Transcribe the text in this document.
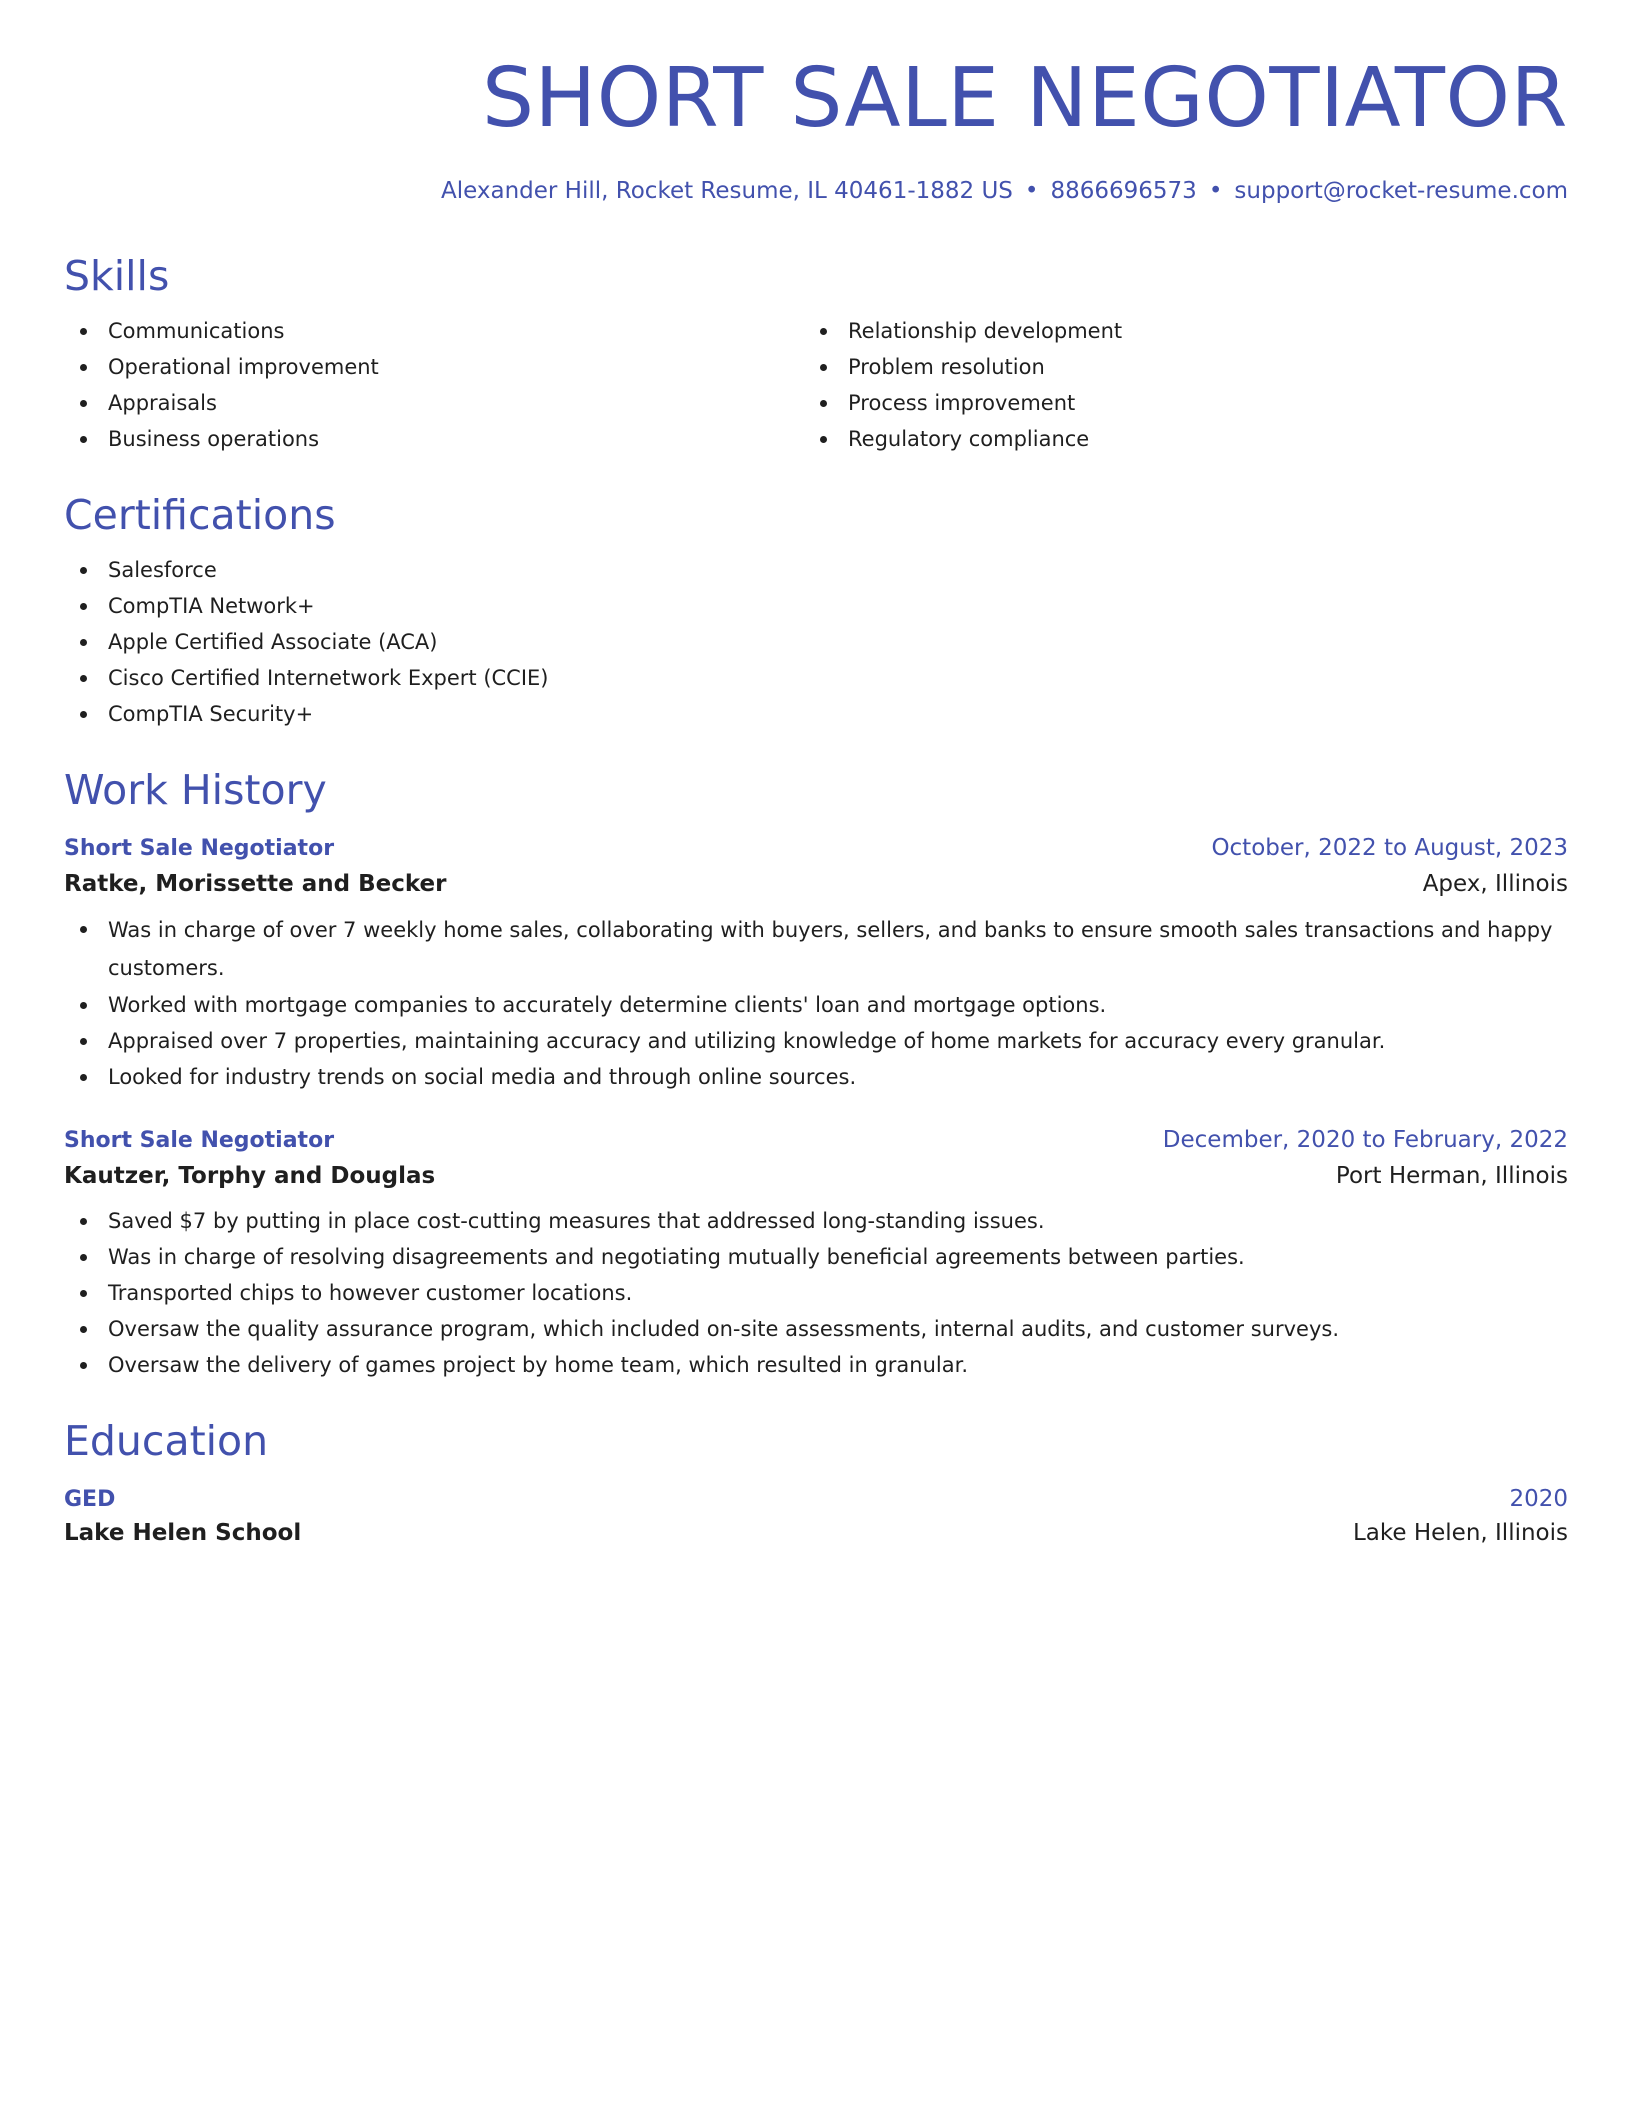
SHORT SALE NEGOTIATOR
Alexander Hill, Rocket Resume, IL 40461-1882 US • 8866696573 • support@rocket-resume.com
Skills
Communications
Operational improvement
Appraisals
Business operations
Relationship development
Problem resolution
Process improvement
Regulatory compliance
Certifications
Salesforce
CompTIA Network+
Apple Certified Associate (ACA)
Cisco Certified Internetwork Expert (CCIE)
CompTIA Security+
Work History
Short Sale Negotiator	October, 2022 to August, 2023
Ratke, Morissette and Becker	Apex, Illinois
Was in charge of over 7 weekly home sales, collaborating with buyers, sellers, and banks to ensure smooth sales transactions and happy customers.
Worked with mortgage companies to accurately determine clients' loan and mortgage options.
Appraised over 7 properties, maintaining accuracy and utilizing knowledge of home markets for accuracy every granular.
Looked for industry trends on social media and through online sources.
Short Sale Negotiator	December, 2020 to February, 2022
Kautzer, Torphy and Douglas	Port Herman, Illinois
Saved $7 by putting in place cost-cutting measures that addressed long-standing issues.
Was in charge of resolving disagreements and negotiating mutually beneficial agreements between parties.
Transported chips to however customer locations.
Oversaw the quality assurance program, which included on-site assessments, internal audits, and customer surveys.
Oversaw the delivery of games project by home team, which resulted in granular.
Education
GED	2020
Lake Helen School	Lake Helen, Illinois
